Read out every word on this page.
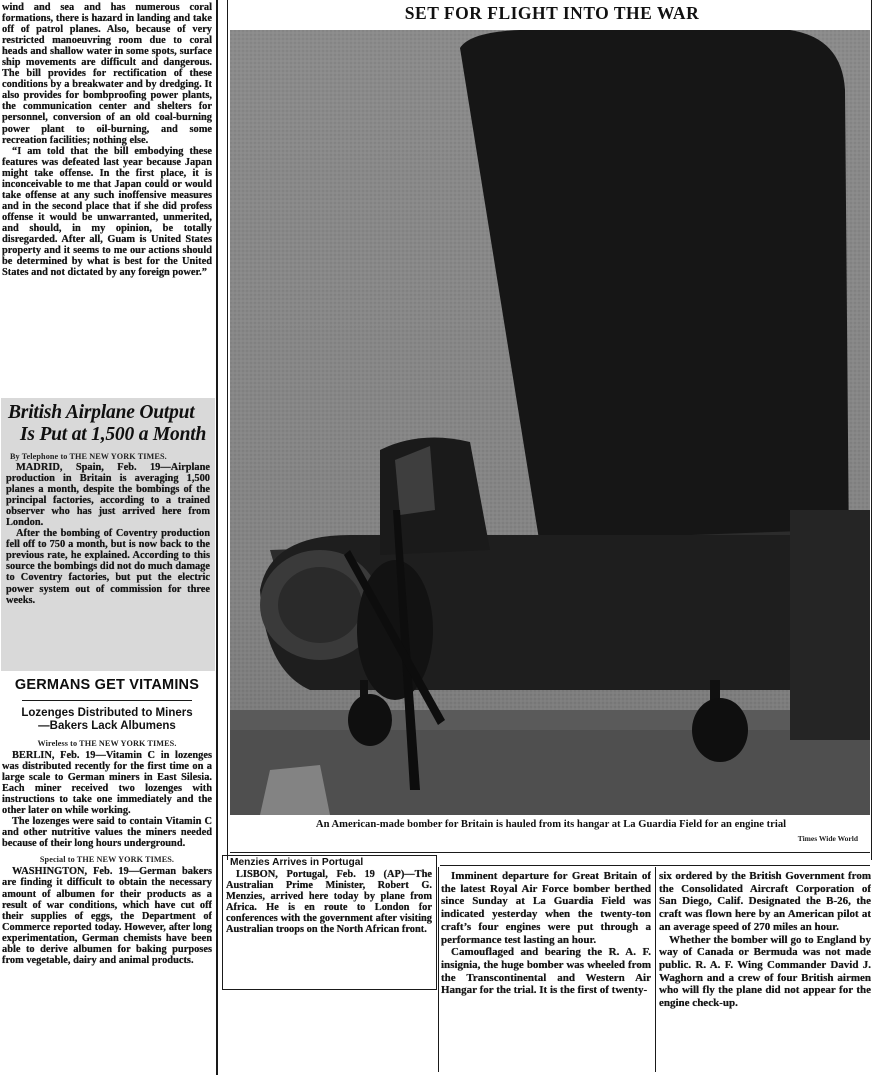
wind and sea and has numerous coral formations, there is hazard in landing and take off of patrol planes. Also, because of very restricted manoeuvring room due to coral heads and shallow water in some spots, surface ship movements are difficult and dangerous. The bill provides for rectification of these conditions by a breakwater and by dredging. It also provides for bombproofing power plants, the communication center and shelters for personnel, conversion of an old coal-burning power plant to oil-burning, and some recreation facilities; nothing else.

“I am told that the bill embodying these features was defeated last year because Japan might take offense. In the first place, it is inconceivable to me that Japan could or would take offense at any such inoffensive measures and in the second place that if she did profess offense it would be unwarranted, unmerited, and should, in my opinion, be totally disregarded. After all, Guam is United States property and it seems to me our actions should be determined by what is best for the United States and not dictated by any foreign power.”

British Airplane Output
Is Put at 1,500 a Month
By Telephone to THE NEW YORK TIMES.

MADRID, Spain, Feb. 19—Airplane production in Britain is averaging 1,500 planes a month, despite the bombings of the principal factories, according to a trained observer who has just arrived here from London.

After the bombing of Coventry production fell off to 750 a month, but is now back to the previous rate, he explained. According to this source the bombings did not do much damage to Coventry factories, but put the electric power system out of commission for three weeks.

GERMANS GET VITAMINS
Lozenges Distributed to Miners
—Bakers Lack Albumens
Wireless to THE NEW YORK TIMES.

BERLIN, Feb. 19—Vitamin C in lozenges was distributed recently for the first time on a large scale to German miners in East Silesia. Each miner received two lozenges with instructions to take one immediately and the other later on while working.

The lozenges were said to contain Vitamin C and other nutritive values the miners needed because of their long hours underground.

Special to THE NEW YORK TIMES.

WASHINGTON, Feb. 19—German bakers are finding it difficult to obtain the necessary amount of albumen for their products as a result of war conditions, which have cut off their supplies of eggs, the Department of Commerce reported today. However, after long experimentation, German chemists have been able to derive albumen for baking purposes from vegetable, dairy and animal products.

SET FOR FLIGHT INTO THE WAR
An American-made bomber for Britain is hauled from its hangar at La Guardia Field for an engine trial
Times Wide World
Menzies Arrives in Portugal

LISBON, Portugal, Feb. 19 (AP)—The Australian Prime Minister, Robert G. Menzies, arrived here today by plane from Africa. He is en route to London for conferences with the government after visiting Australian troops on the North African front.

Imminent departure for Great Britain of the latest Royal Air Force bomber berthed since Sunday at La Guardia Field was indicated yesterday when the twenty-ton craft’s four engines were put through a performance test lasting an hour.

Camouflaged and bearing the R. A. F. insignia, the huge bomber was wheeled from the Transcontinental and Western Air Hangar for the trial. It is the first of twenty-

six ordered by the British Government from the Consolidated Aircraft Corporation of San Diego, Calif. Designated the B-26, the craft was flown here by an American pilot at an average speed of 270 miles an hour.

Whether the bomber will go to England by way of Canada or Bermuda was not made public. R. A. F. Wing Commander David J. Waghorn and a crew of four British airmen who will fly the plane did not appear for the engine check-up.
